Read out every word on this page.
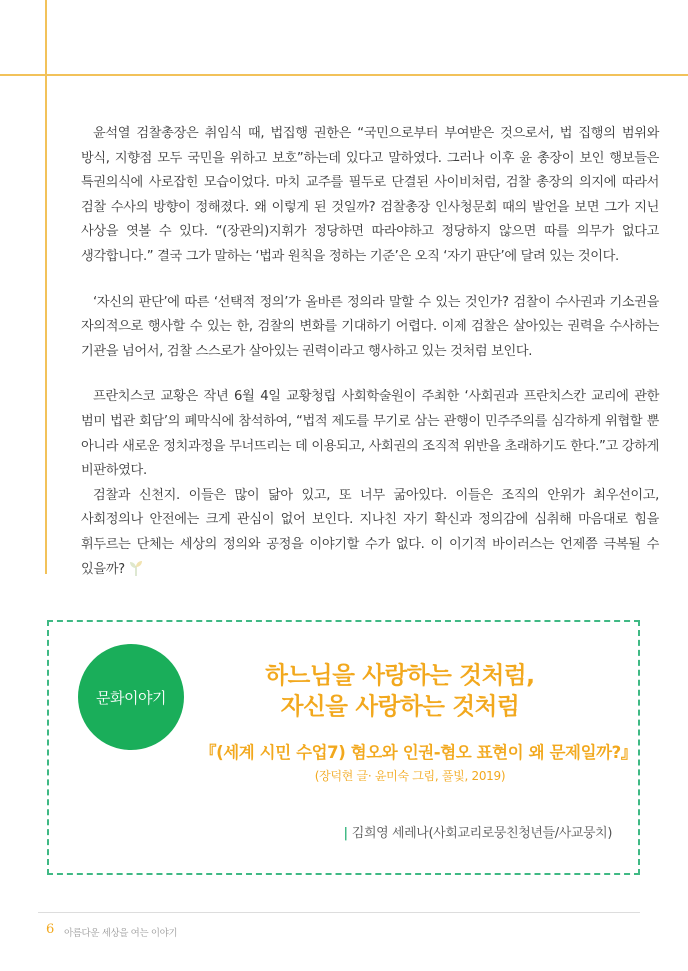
윤석열 검찰총장은 취임식 때, 법집행 권한은 “국민으로부터 부여받은 것으로서, 법 집행의 범위와 방식, 지향점 모두 국민을 위하고 보호”하는데 있다고 말하였다. 그러나 이후 윤 총장이 보인 행보들은 특권의식에 사로잡힌 모습이었다. 마치 교주를 필두로 단결된 사이비처럼, 검찰 총장의 의지에 따라서 검찰 수사의 방향이 정해졌다. 왜 이렇게 된 것일까? 검찰총장 인사청문회 때의 발언을 보면 그가 지닌 사상을 엿볼 수 있다. “(장관의)지휘가 정당하면 따라야하고 정당하지 않으면 따를 의무가 없다고 생각합니다.” 결국 그가 말하는 ‘법과 원칙을 정하는 기준’은 오직 ‘자기 판단’에 달려 있는 것이다.

‘자신의 판단’에 따른 ‘선택적 정의’가 올바른 정의라 말할 수 있는 것인가? 검찰이 수사권과 기소권을 자의적으로 행사할 수 있는 한, 검찰의 변화를 기대하기 어렵다. 이제 검찰은 살아있는 권력을 수사하는 기관을 넘어서, 검찰 스스로가 살아있는 권력이라고 행사하고 있는 것처럼 보인다.

프란치스코 교황은 작년 6월 4일 교황청립 사회학술원이 주최한 ‘사회권과 프란치스칸 교리에 관한 범미 법관 회담’의 폐막식에 참석하여, “법적 제도를 무기로 삼는 관행이 민주주의를 심각하게 위협할 뿐 아니라 새로운 정치과정을 무너뜨리는 데 이용되고, 사회권의 조직적 위반을 초래하기도 한다.”고 강하게 비판하였다.

검찰과 신천지. 이들은 많이 닮아 있고, 또 너무 굶아있다. 이들은 조직의 안위가 최우선이고, 사회정의나 안전에는 크게 관심이 없어 보인다. 지나친 자기 확신과 정의감에 심취해 마음대로 힘을 휘두르는 단체는 세상의 정의와 공정을 이야기할 수가 없다. 이 이기적 바이러스는 언제쯤 극복될 수 있을까?

문화이야기
하느님을 사랑하는 것처럼,
자신을 사랑하는 것처럼
『(세계 시민 수업7) 혐오와 인권-혐오 표현이 왜 문제일까?』
(장덕현 글· 윤미숙 그림, 풀빛, 2019)
| 김희영 세레나(사회교리로뭉친청년들/사교뭉치)
6 아름다운 세상을 여는 이야기
